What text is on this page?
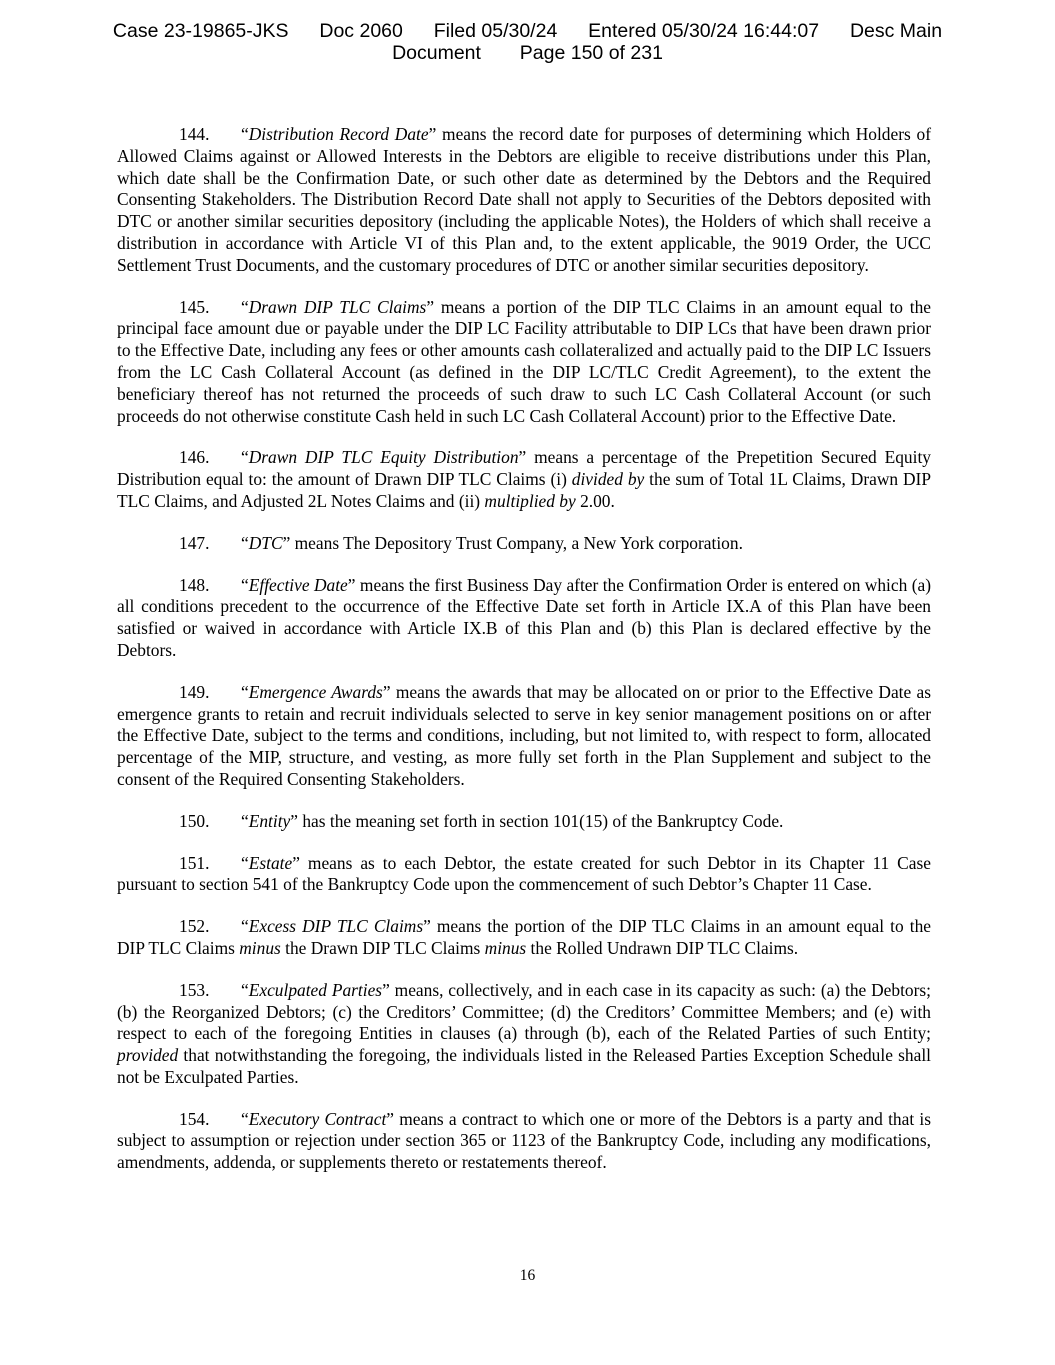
Case 23-19865-JKS Doc 2060 Filed 05/30/24 Entered 05/30/24 16:44:07 Desc Main
Document Page 150 of 231

144. “Distribution Record Date” means the record date for purposes of determining which Holders of Allowed Claims against or Allowed Interests in the Debtors are eligible to receive distributions under this Plan, which date shall be the Confirmation Date, or such other date as determined by the Debtors and the Required Consenting Stakeholders. The Distribution Record Date shall not apply to Securities of the Debtors deposited with DTC or another similar securities depository (including the applicable Notes), the Holders of which shall receive a distribution in accordance with Article VI of this Plan and, to the extent applicable, the 9019 Order, the UCC Settlement Trust Documents, and the customary procedures of DTC or another similar securities depository.

145. “Drawn DIP TLC Claims” means a portion of the DIP TLC Claims in an amount equal to the principal face amount due or payable under the DIP LC Facility attributable to DIP LCs that have been drawn prior to the Effective Date, including any fees or other amounts cash collateralized and actually paid to the DIP LC Issuers from the LC Cash Collateral Account (as defined in the DIP LC/TLC Credit Agreement), to the extent the beneficiary thereof has not returned the proceeds of such draw to such LC Cash Collateral Account (or such proceeds do not otherwise constitute Cash held in such LC Cash Collateral Account) prior to the Effective Date.

146. “Drawn DIP TLC Equity Distribution” means a percentage of the Prepetition Secured Equity Distribution equal to: the amount of Drawn DIP TLC Claims (i) divided by the sum of Total 1L Claims, Drawn DIP TLC Claims, and Adjusted 2L Notes Claims and (ii) multiplied by 2.00.

147. “DTC” means The Depository Trust Company, a New York corporation.

148. “Effective Date” means the first Business Day after the Confirmation Order is entered on which (a) all conditions precedent to the occurrence of the Effective Date set forth in Article IX.A of this Plan have been satisfied or waived in accordance with Article IX.B of this Plan and (b) this Plan is declared effective by the Debtors.

149. “Emergence Awards” means the awards that may be allocated on or prior to the Effective Date as emergence grants to retain and recruit individuals selected to serve in key senior management positions on or after the Effective Date, subject to the terms and conditions, including, but not limited to, with respect to form, allocated percentage of the MIP, structure, and vesting, as more fully set forth in the Plan Supplement and subject to the consent of the Required Consenting Stakeholders.

150. “Entity” has the meaning set forth in section 101(15) of the Bankruptcy Code.

151. “Estate” means as to each Debtor, the estate created for such Debtor in its Chapter 11 Case pursuant to section 541 of the Bankruptcy Code upon the commencement of such Debtor’s Chapter 11 Case.

152. “Excess DIP TLC Claims” means the portion of the DIP TLC Claims in an amount equal to the DIP TLC Claims minus the Drawn DIP TLC Claims minus the Rolled Undrawn DIP TLC Claims.

153. “Exculpated Parties” means, collectively, and in each case in its capacity as such: (a) the Debtors; (b) the Reorganized Debtors; (c) the Creditors’ Committee; (d) the Creditors’ Committee Members; and (e) with respect to each of the foregoing Entities in clauses (a) through (b), each of the Related Parties of such Entity; provided that notwithstanding the foregoing, the individuals listed in the Released Parties Exception Schedule shall not be Exculpated Parties.

154. “Executory Contract” means a contract to which one or more of the Debtors is a party and that is subject to assumption or rejection under section 365 or 1123 of the Bankruptcy Code, including any modifications, amendments, addenda, or supplements thereto or restatements thereof.

16
